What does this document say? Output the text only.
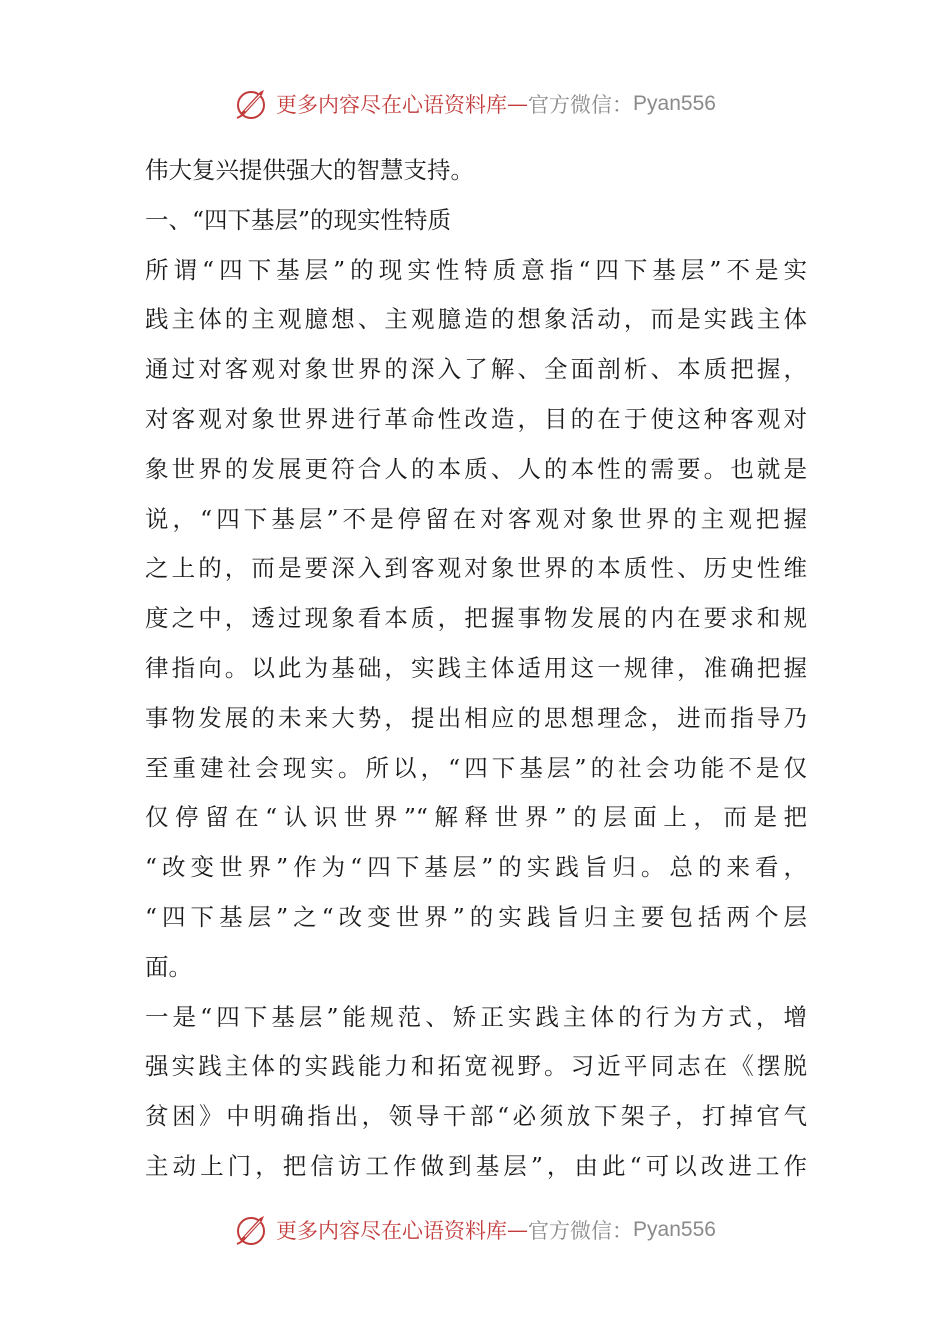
更多内容尽在心语资料库 — 官方微信： Pyan556
伟大复兴提供强大的智慧支持。
一、“四下基层”的现实性特质
所谓“四下基层”的现实性特质意指“四下基层”不是实
践主体的主观臆想、主观臆造的想象活动，而是实践主体
通过对客观对象世界的深入了解、全面剖析、本质把握，
对客观对象世界进行革命性改造，目的在于使这种客观对
象世界的发展更符合人的本质、人的本性的需要。也就是
说，“四下基层”不是停留在对客观对象世界的主观把握
之上的，而是要深入到客观对象世界的本质性、历史性维
度之中，透过现象看本质，把握事物发展的内在要求和规
律指向。以此为基础，实践主体适用这一规律，准确把握
事物发展的未来大势，提出相应的思想理念，进而指导乃
至重建社会现实。所以，“四下基层”的社会功能不是仅
仅停留在“认识世界”“解释世界”的层面上，而是把
“改变世界”作为“四下基层”的实践旨归。总的来看，
“四下基层”之“改变世界”的实践旨归主要包括两个层
面。
一是“四下基层”能规范、矫正实践主体的行为方式，增
强实践主体的实践能力和拓宽视野。习近平同志在《摆脱
贫困》中明确指出，领导干部“必须放下架子，打掉官气
主动上门，把信访工作做到基层”，由此“可以改进工作
更多内容尽在心语资料库 — 官方微信： Pyan556
